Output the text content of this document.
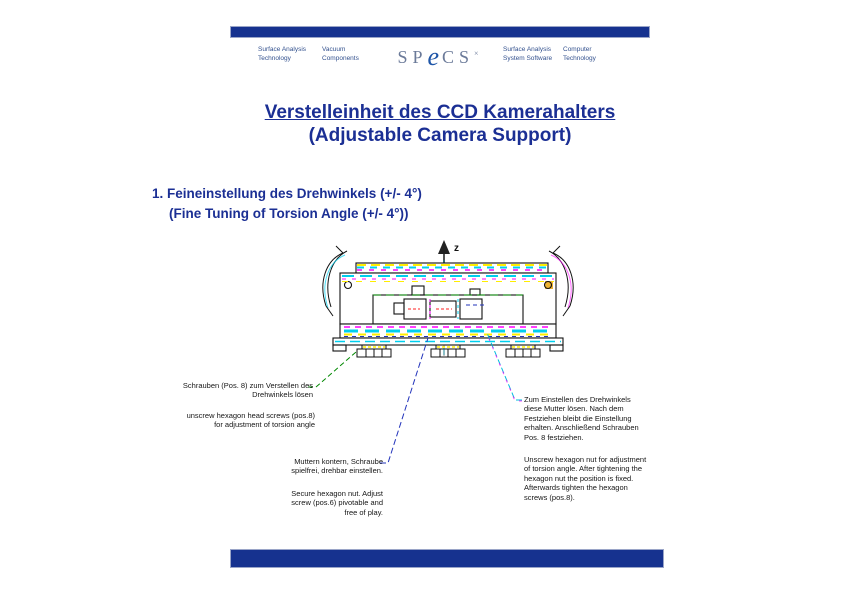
Surface Analysis
Technology
Vacuum
Components	SPeCS×	Surface Analysis
System Software
Computer
Technology
Verstelleinheit des CCD Kamerahalters
(Adjustable Camera Support)
1. Feineinstellung des Drehwinkels (+/- 4°)
(Fine Tuning of Torsion Angle (+/- 4°))
z
Schrauben (Pos. 8) zum Verstellen des
Drehwinkels lösen
unscrew hexagon head screws (pos.8)
for adjustment of torsion angle
Muttern kontern, Schraube
spielfrei, drehbar einstellen.
Secure hexagon nut. Adjust
screw (pos.6) pivotable and
free of play.
Zum Einstellen des Drehwinkels
diese Mutter lösen. Nach dem
Festziehen bleibt die Einstellung
erhalten. Anschließend Schrauben
Pos. 8 festziehen.
Unscrew hexagon nut for adjustment
of torsion angle. After tightening the
hexagon nut the position is fixed.
Afterwards tighten the hexagon
screws (pos.8).
